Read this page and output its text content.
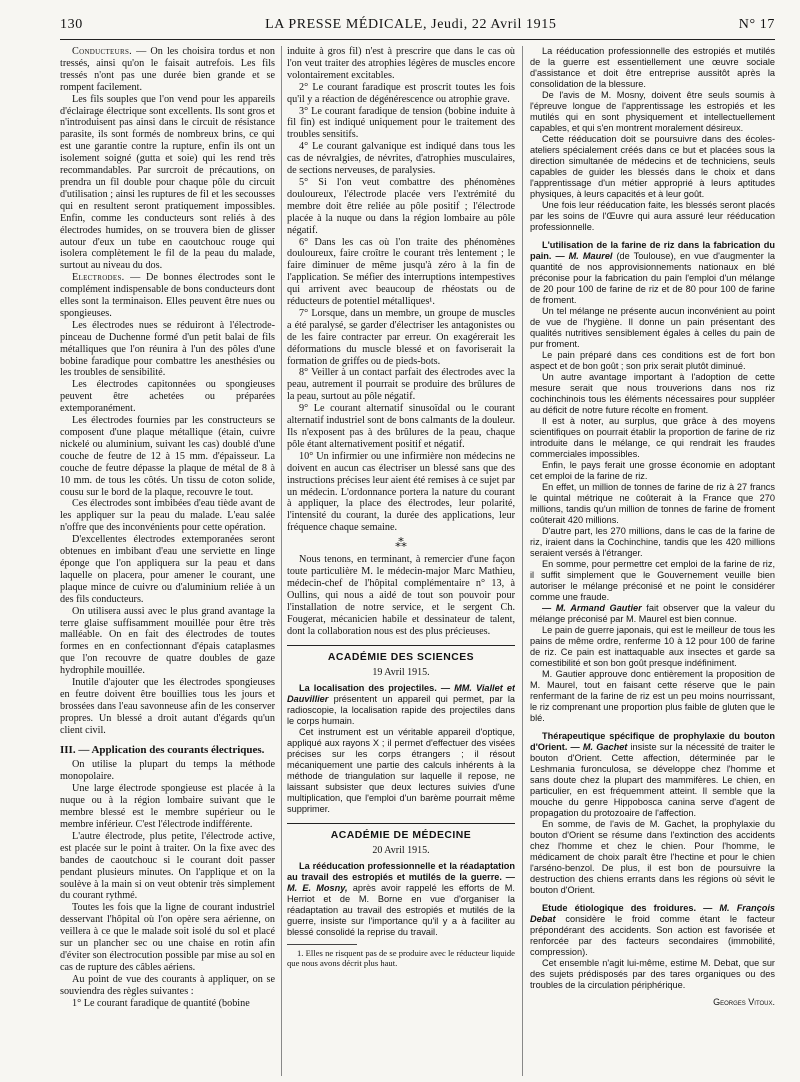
130	LA PRESSE MÉDICALE, Jeudi, 22 Avril 1915	N° 17

Conducteurs. — On les choisira tordus et non tressés, ainsi qu'on le faisait autrefois. Les fils tressés n'ont pas une durée bien grande et se rompent facilement.

Les fils souples que l'on vend pour les appareils d'éclairage électrique sont excellents. Ils sont gros et n'introduisent pas ainsi dans le circuit de résistance parasite, ils sont formés de nombreux brins, ce qui est une garantie contre la rupture, enfin ils ont un isolement soigné (gutta et soie) qui les rend très recommandables. Par surcroit de précautions, on prendra un fil double pour chaque pôle du circuit d'utilisation ; ainsi les ruptures de fil et les secousses qui en resultent seront pratiquement impossibles. Enfin, comme les conducteurs sont reliés à des électrodes humides, on se trouvera bien de glisser autour d'eux un tube en caoutchouc rouge qui isolera complètement le fil de la peau du malade, surtout au niveau du dos.

Electrodes. — De bonnes électrodes sont le complément indispensable de bons conducteurs dont elles sont la terminaison. Elles peuvent être nues ou spongieuses.

Les électrodes nues se réduiront à l'électrode-pinceau de Duchenne formé d'un petit balai de fils métalliques que l'on réunira à l'un des pôles d'une bobine faradique pour combattre les anesthésies ou les troubles de sensibilité.

Les électrodes capitonnées ou spongieuses peuvent être achetées ou préparées extemporanément.

Les électrodes fournies par les constructeurs se composent d'une plaque métallique (étain, cuivre nickelé ou aluminium, suivant les cas) doublé d'une couche de feutre de 12 à 15 mm. d'épaisseur. La couche de feutre dépasse la plaque de métal de 8 à 10 mm. de tous les côtés. Un tissu de coton solide, cousu sur le bord de la plaque, recouvre le tout.

Ces électrodes sont imbibées d'eau tiède avant de les appliquer sur la peau du malade. L'eau salée n'offre que des inconvénients pour cette opération.

D'excellentes électrodes extemporanées seront obtenues en imbibant d'eau une serviette en linge éponge que l'on appliquera sur la peau et dans laquelle on placera, pour amener le courant, une plaque mince de cuivre ou d'aluminium reliée à un des fils conducteurs.

On utilisera aussi avec le plus grand avantage la terre glaise suffisamment mouillée pour être très malléable. On en fait des électrodes de toutes formes en en confectionnant d'épais cataplasmes que l'on recouvre de quatre doubles de gaze hydrophile mouillée.

Inutile d'ajouter que les électrodes spongieuses en feutre doivent être bouillies tous les jours et brossées dans l'eau savonneuse afin de les conserver propres. Un blessé a droit autant d'égards qu'un client civil.

III. — Application des courants électriques.

On utilise la plupart du temps la méthode monopolaire.

Une large électrode spongieuse est placée à la nuque ou à la région lombaire suivant que le membre blessé est le membre supérieur ou le membre inférieur. C'est l'électrode indifférente.

L'autre électrode, plus petite, l'électrode active, est placée sur le point à traiter. On la fixe avec des bandes de caoutchouc si le courant doit passer pendant plusieurs minutes. On l'applique et on la soulève à la main si on veut obtenir très simplement du courant rythmé.

Toutes les fois que la ligne de courant industriel desservant l'hôpital où l'on opère sera aérienne, on veillera à ce que le malade soit isolé du sol et placé sur un plancher sec ou une chaise en rotin afin d'éviter son électrocution possible par mise au sol en cas de rupture des câbles aériens.

Au point de vue des courants à appliquer, on se souviendra des règles suivantes :

1° Le courant faradique de quantité (bobine

induite à gros fil) n'est à prescrire que dans le cas où l'on veut traiter des atrophies légères de muscles encore volontairement excitables.

2° Le courant faradique est proscrit toutes les fois qu'il y a réaction de dégénérescence ou atrophie grave.

3° Le courant faradique de tension (bobine induite à fil fin) est indiqué uniquement pour le traitement des troubles sensitifs.

4° Le courant galvanique est indiqué dans tous les cas de névralgies, de névrites, d'atrophies musculaires, de sections nerveuses, de paralysies.

5° Si l'on veut combattre des phénomènes douloureux, l'électrode placée vers l'extrémité du membre doit être reliée au pôle positif ; l'électrode placée à la nuque ou dans la région lombaire au pôle négatif.

6° Dans les cas où l'on traite des phénomènes douloureux, faire croître le courant très lentement ; le faire diminuer de même jusqu'à zéro à la fin de l'application. Se méfier des interruptions intempestives qui arrivent avec beaucoup de rhéostats ou de réducteurs de potentiel métalliques¹.

7° Lorsque, dans un membre, un groupe de muscles a été paralysé, se garder d'électriser les antagonistes ou de les faire contracter par erreur. On exagérerait les déformations du muscle blessé et on favoriserait la formation de griffes ou de pieds-bots.

8° Veiller à un contact parfait des électrodes avec la peau, autrement il pourrait se produire des brûlures de la peau, surtout au pôle négatif.

9° Le courant alternatif sinusoïdal ou le courant alternatif industriel sont de bons calmants de la douleur. Ils n'exposent pas à des brûlures de la peau, chaque pôle étant alternativement positif et négatif.

10° Un infirmier ou une infirmière non médecins ne doivent en aucun cas électriser un blessé sans que des instructions précises leur aient été remises à ce sujet par un médecin. L'ordonnance portera la nature du courant à appliquer, la place des électrodes, leur polarité, l'intensité du courant, la durée des applications, leur fréquence chaque semaine.

⁂

Nous tenons, en terminant, à remercier d'une façon toute particulière M. le médecin-major Marc Mathieu, médecin-chef de l'hôpital complémentaire n° 13, à Oullins, qui nous a aidé de tout son pouvoir pour l'installation de notre service, et le sergent Ch. Fougerat, mécanicien habile et dessinateur de talent, dont la collaboration nous est des plus précieuses.

ACADÉMIE DES SCIENCES
19 Avril 1915.

La localisation des projectiles. — MM. Viallet et Dauvillier présentent un appareil qui permet, par la radioscopie, la localisation rapide des projectiles dans le corps humain.

Cet instrument est un véritable appareil d'optique, appliqué aux rayons X ; il permet d'effectuer des visées précises sur les corps étrangers ; il résout mécaniquement une partie des calculs inhérents à la méthode de triangulation sur laquelle il repose, ne laissant subsister que deux lectures suivies d'une multiplication, que l'emploi d'un barème pourrait même supprimer.

ACADÉMIE DE MÉDECINE
20 Avril 1915.

La rééducation professionnelle et la réadaptation au travail des estropiés et mutilés de la guerre. — M. E. Mosny, après avoir rappelé les efforts de M. Herriot et de M. Borne en vue d'organiser la réadaptation au travail des estropiés et mutilés de la guerre, insiste sur l'importance qu'il y a à faciliter au blessé consolidé la reprise du travail.

1. Elles ne risquent pas de se produire avec le réducteur liquide que nous avons décrit plus haut.

La rééducation professionnelle des estropiés et mutilés de la guerre est essentiellement une œuvre sociale d'assistance et doit être entreprise aussitôt après la consolidation de la blessure.

De l'avis de M. Mosny, doivent être seuls soumis à l'épreuve longue de l'apprentissage les estropiés et les mutilés qui en sont physiquement et intellectuellement capables, et qui s'en montrent moralement désireux.

Cette rééducation doit se poursuivre dans des écoles-ateliers spécialement créés dans ce but et placées sous la direction simultanée de médecins et de techniciens, seuls capables de guider les blessés dans le choix et dans l'apprentissage d'un métier approprié à leurs aptitudes physiques, à leurs capacités et à leur goût.

Une fois leur rééducation faite, les blessés seront placés par les soins de l'Œuvre qui aura assuré leur rééducation professionnelle.

L'utilisation de la farine de riz dans la fabrication du pain. — M. Maurel (de Toulouse), en vue d'augmenter la quantité de nos approvisionnements nationaux en blé préconise pour la fabrication du pain l'emploi d'un mélange de 20 pour 100 de farine de riz et de 80 pour 100 de farine de froment.

Un tel mélange ne présente aucun inconvénient au point de vue de l'hygiène. Il donne un pain présentant des qualités nutritives sensiblement égales à celles du pain de pur froment.

Le pain préparé dans ces conditions est de fort bon aspect et de bon goût ; son prix serait plutôt diminué.

Un autre avantage important à l'adoption de cette mesure serait que nous trouverions dans nos riz cochinchinois tous les éléments nécessaires pour suppléer au déficit de notre future récolte en froment.

Il est à noter, au surplus, que grâce à des moyens scientifiques on pourrait établir la proportion de farine de riz introduite dans le mélange, ce qui rendrait les fraudes commerciales impossibles.

Enfin, le pays ferait une grosse économie en adoptant cet emploi de la farine de riz.

En effet, un million de tonnes de farine de riz à 27 francs le quintal métrique ne coûterait à la France que 270 millions, tandis qu'un million de tonnes de farine de froment coûterait 420 millions.

D'autre part, les 270 millions, dans le cas de la farine de riz, iraient dans la Cochinchine, tandis que les 420 millions seraient versés à l'étranger.

En somme, pour permettre cet emploi de la farine de riz, il suffit simplement que le Gouvernement veuille bien autoriser le mélange préconisé et ne point le considérer comme une fraude.

— M. Armand Gautier fait observer que la valeur du mélange préconisé par M. Maurel est bien connue.

Le pain de guerre japonais, qui est le meilleur de tous les pains de même ordre, renferme 10 à 12 pour 100 de farine de riz. Ce pain est inattaquable aux insectes et garde sa comestibilité et son bon goût presque indéfiniment.

M. Gautier approuve donc entièrement la proposition de M. Maurel, tout en faisant cette réserve que le pain renfermant de la farine de riz est un peu moins nourrissant, le riz comprenant une proportion plus faible de gluten que le blé.

Thérapeutique spécifique de prophylaxie du bouton d'Orient. — M. Gachet insiste sur la nécessité de traiter le bouton d'Orient. Cette affection, déterminée par le Leshmania furonculosa, se développe chez l'homme et sans doute chez la plupart des mammifères. Le chien, en particulier, en est fréquemment atteint. Il semble que la mouche du genre Hippobosca canina serve d'agent de propagation du protozoaire de l'affection.

En somme, de l'avis de M. Gachet, la prophylaxie du bouton d'Orient se résume dans l'extinction des accidents chez l'homme et chez le chien. Pour l'homme, le médicament de choix paraît être l'hectine et pour le chien l'arséno-benzol. De plus, il est bon de poursuivre la destruction des chiens errants dans les régions où sévit le bouton d'Orient.

Etude étiologique des froidures. — M. François Debat considère le froid comme étant le facteur prépondérant des accidents. Son action est favorisée et renforcée par des facteurs secondaires (immobilité, compression).

Cet ensemble n'agit lui-même, estime M. Debat, que sur des sujets prédisposés par des tares organiques ou des troubles de la circulation périphérique.

Georges Vitoux.
